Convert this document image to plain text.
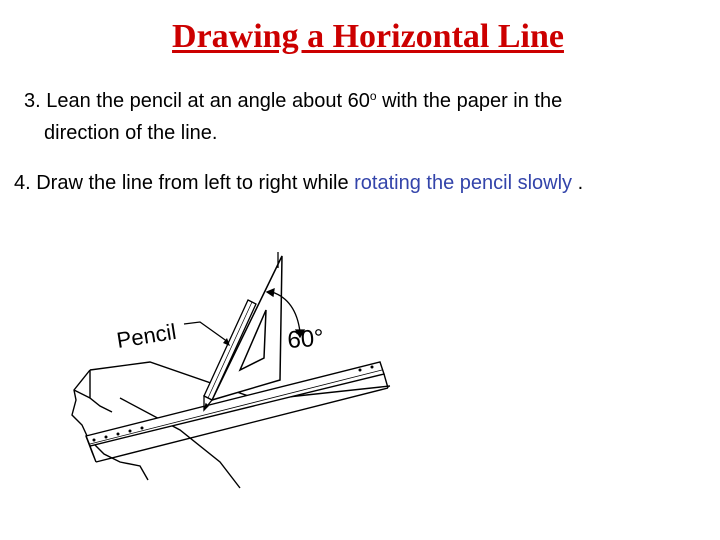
Drawing a Horizontal Line

3. Lean the pencil at an angle about 60$^o$ with the paper in the

direction of the line.

4. Draw the line from left to right while rotating the pencil slowly .

Pencil	60°
